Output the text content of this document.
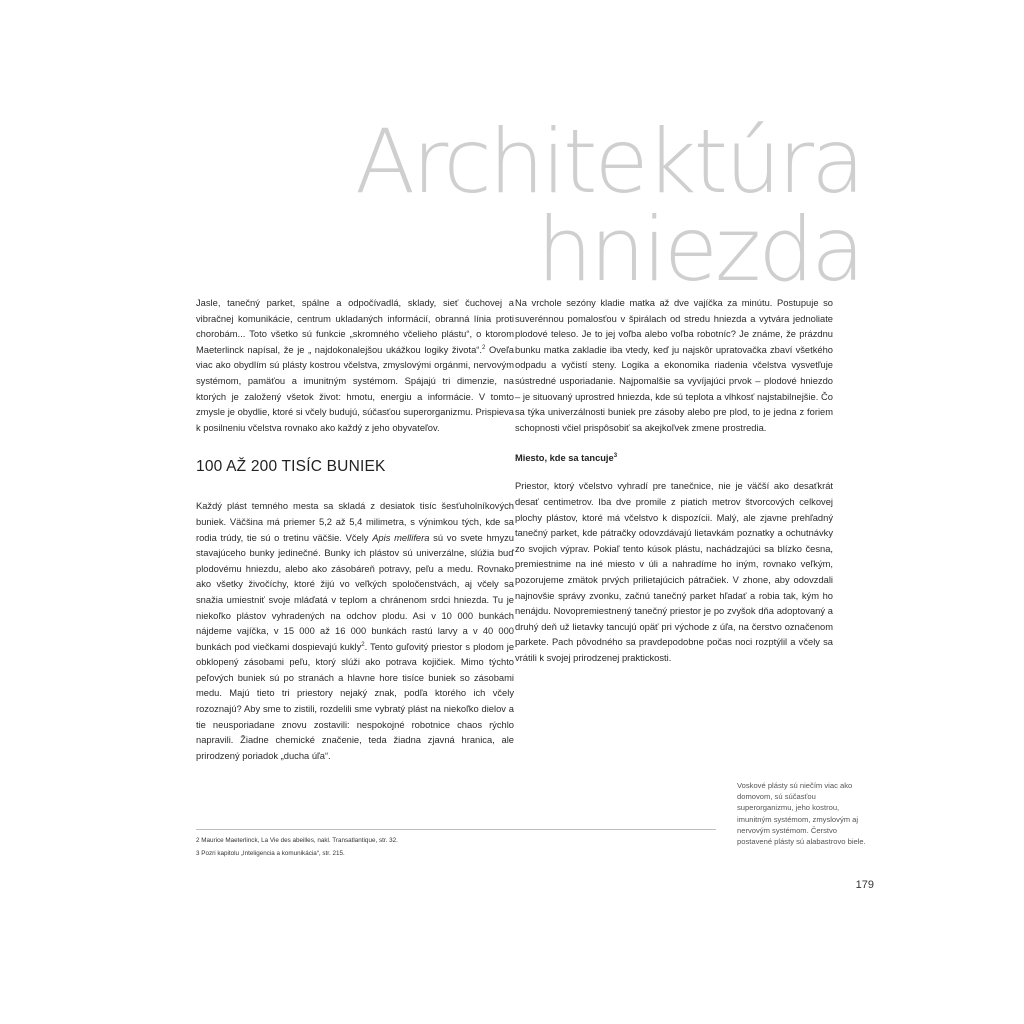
Architektúra
hniezda

Jasle, tanečný parket, spálne a odpočívadlá, sklady, sieť čuchovej a vibračnej komunikácie, centrum ukladaných informácií, obranná línia proti chorobám... Toto všetko sú funkcie „skromného včelieho plástu“, o ktorom Maeterlinck napísal, že je „ najdokonalejšou ukážkou logiky života“.$^2$ Oveľa viac ako obydlím sú plásty kostrou včelstva, zmyslovými orgánmi, nervovým systémom, pamäťou a imunitným systémom. Spájajú tri dimenzie, na ktorých je založený všetok život: hmotu, energiu a informácie. V tomto zmysle je obydlie, ktoré si včely budujú, súčasťou superorganizmu. Prispieva k posilneniu včelstva rovnako ako každý z jeho obyvateľov.

100 AŽ 200 TISÍC BUNIEK

Každý plást temného mesta sa skladá z desiatok tisíc šesťuholníkových buniek. Väčšina má priemer 5,2 až 5,4 milimetra, s výnimkou tých, kde sa rodia trúdy, tie sú o tretinu väčšie. Včely Apis mellifera sú vo svete hmyzu stavajúceho bunky jedinečné. Bunky ich plástov sú univerzálne, slúžia buď plodovému hniezdu, alebo ako zásobáreň potravy, peľu a medu. Rovnako ako všetky živočíchy, ktoré žijú vo veľkých spoločenstvách, aj včely sa snažia umiestniť svoje mláďatá v teplom a chránenom srdci hniezda. Tu je niekoľko plástov vyhradených na odchov plodu. Asi v 10 000 bunkách nájdeme vajíčka, v 15 000 až 16 000 bunkách rastú larvy a v 40 000 bunkách pod viečkami dospievajú kukly$^2$. Tento guľovitý priestor s plodom je obklopený zásobami peľu, ktorý slúži ako potrava kojičiek. Mimo týchto peľových buniek sú po stranách a hlavne hore tisíce buniek so zásobami medu. Majú tieto tri priestory nejaký znak, podľa ktorého ich včely rozoznajú? Aby sme to zistili, rozdelili sme vybratý plást na niekoľko dielov a tie neusporiadane znovu zostavili: nespokojné robotnice chaos rýchlo napravili. Žiadne chemické značenie, teda žiadna zjavná hranica, ale prirodzený poriadok „ducha úľa“.

Na vrchole sezóny kladie matka až dve vajíčka za minútu. Postupuje so suverénnou pomalosťou v špirálach od stredu hniezda a vytvára jednoliate plodové teleso. Je to jej voľba alebo voľba robotníc? Je známe, že prázdnu bunku matka zakladie iba vtedy, keď ju najskôr upratovačka zbaví všetkého odpadu a vyčistí steny. Logika a ekonomika riadenia včelstva vysvetľuje sústredné usporiadanie. Najpomalšie sa vyvíjajúci prvok – plodové hniezdo – je situovaný uprostred hniezda, kde sú teplota a vlhkosť najstabilnejšie. Čo sa týka univerzálnosti buniek pre zásoby alebo pre plod, to je jedna z foriem schopnosti včiel prispôsobiť sa akejkoľvek zmene prostredia.

Miesto, kde sa tancuje$^3$

Priestor, ktorý včelstvo vyhradí pre tanečnice, nie je väčší ako desaťkrát desať centimetrov. Iba dve promile z piatich metrov štvorcových celkovej plochy plástov, ktoré má včelstvo k dispozícii. Malý, ale zjavne prehľadný tanečný parket, kde pátračky odovzdávajú lietavkám poznatky a ochutnávky zo svojich výprav. Pokiaľ tento kúsok plástu, nachádzajúci sa blízko česna, premiestnime na iné miesto v úli a nahradíme ho iným, rovnako veľkým, pozorujeme zmätok prvých prilietajúcich pátračiek. V zhone, aby odovzdali najnovšie správy zvonku, začnú tanečný parket hľadať a robia tak, kým ho nenájdu. Novopremiestnený tanečný priestor je po zvyšok dňa adoptovaný a druhý deň už lietavky tancujú opäť pri východe z úľa, na čerstvo označenom parkete. Pach pôvodného sa pravdepodobne počas noci rozptýlil a včely sa vrátili k svojej prirodzenej praktickosti.

2 Maurice Maeterlinck, La Vie des abeilles, nakl. Transatlantique, str. 32.
3 Pozri kapitolu „Inteligencia a komunikácia“, str. 215.
Voskové plásty sú niečím viac ako domovom, sú súčasťou superorganizmu, jeho kostrou, imunitným systémom, zmyslovým aj nervovým systémom. Čerstvo postavené plásty sú alabastrovo biele.
179
